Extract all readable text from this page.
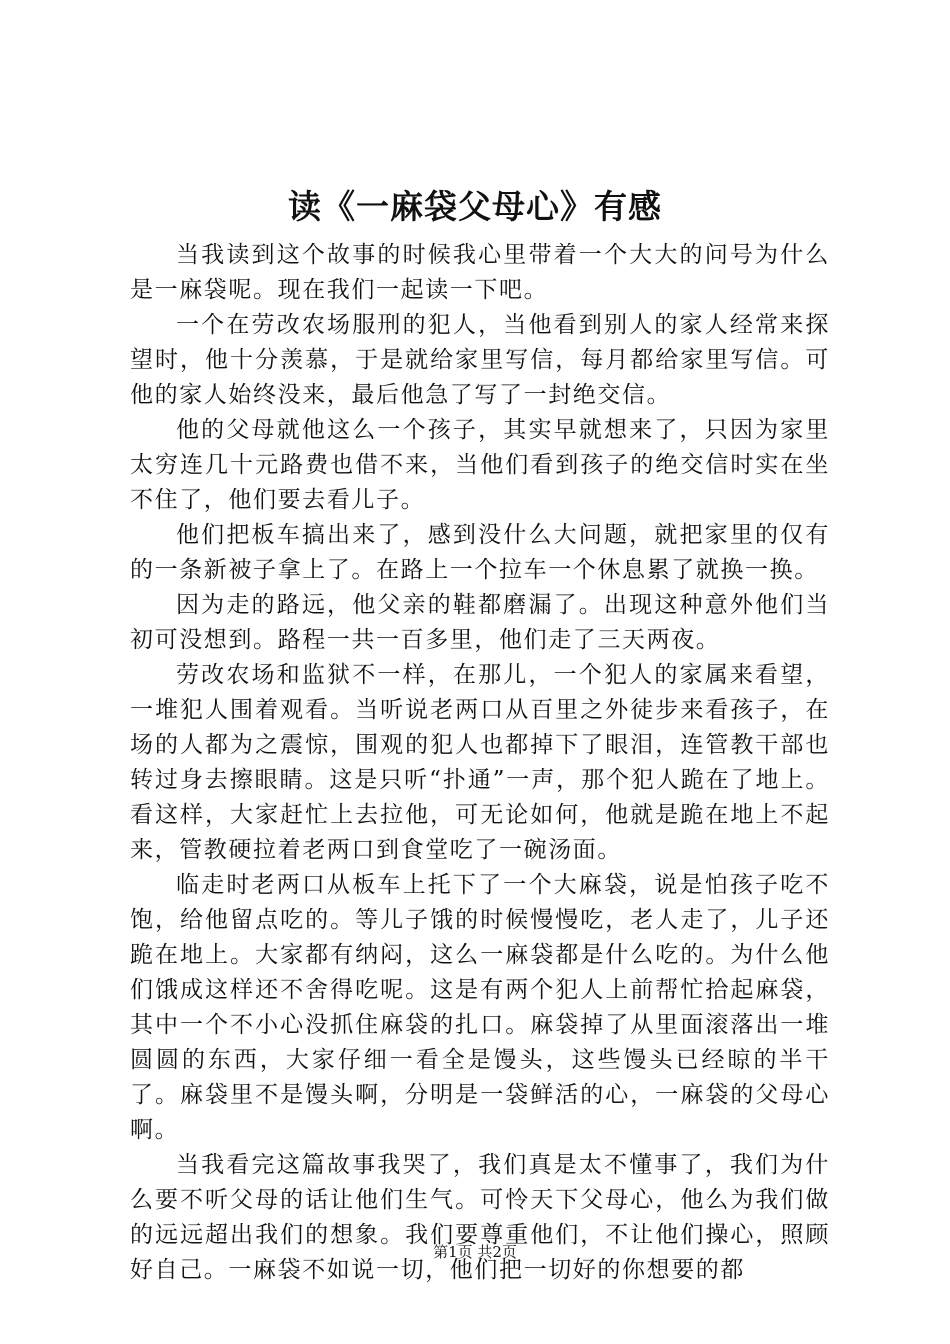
读《一麻袋父母心》有感

当我读到这个故事的时候我心里带着一个大大的问号为什么是一麻袋呢。现在我们一起读一下吧。

一个在劳改农场服刑的犯人，当他看到别人的家人经常来探望时，他十分羡慕，于是就给家里写信，每月都给家里写信。可他的家人始终没来，最后他急了写了一封绝交信。

他的父母就他这么一个孩子，其实早就想来了，只因为家里太穷连几十元路费也借不来，当他们看到孩子的绝交信时实在坐不住了，他们要去看儿子。

他们把板车搞出来了，感到没什么大问题，就把家里的仅有的一条新被子拿上了。在路上一个拉车一个休息累了就换一换。

因为走的路远，他父亲的鞋都磨漏了。出现这种意外他们当初可没想到。路程一共一百多里，他们走了三天两夜。

劳改农场和监狱不一样，在那儿，一个犯人的家属来看望，一堆犯人围着观看。当听说老两口从百里之外徒步来看孩子，在场的人都为之震惊，围观的犯人也都掉下了眼泪，连管教干部也转过身去擦眼睛。这是只听“扑通”一声，那个犯人跪在了地上。看这样，大家赶忙上去拉他，可无论如何，他就是跪在地上不起来，管教硬拉着老两口到食堂吃了一碗汤面。

临走时老两口从板车上托下了一个大麻袋，说是怕孩子吃不饱，给他留点吃的。等儿子饿的时候慢慢吃，老人走了，儿子还跪在地上。大家都有纳闷，这么一麻袋都是什么吃的。为什么他们饿成这样还不舍得吃呢。这是有两个犯人上前帮忙拾起麻袋，其中一个不小心没抓住麻袋的扎口。麻袋掉了从里面滚落出一堆圆圆的东西，大家仔细一看全是馒头，这些馒头已经晾的半干了。麻袋里不是馒头啊，分明是一袋鲜活的心，一麻袋的父母心啊。

当我看完这篇故事我哭了，我们真是太不懂事了，我们为什么要不听父母的话让他们生气。可怜天下父母心，他么为我们做的远远超出我们的想象。我们要尊重他们，不让他们操心，照顾好自己。一麻袋不如说一切，他们把一切好的你想要的都

第1页 共2页
